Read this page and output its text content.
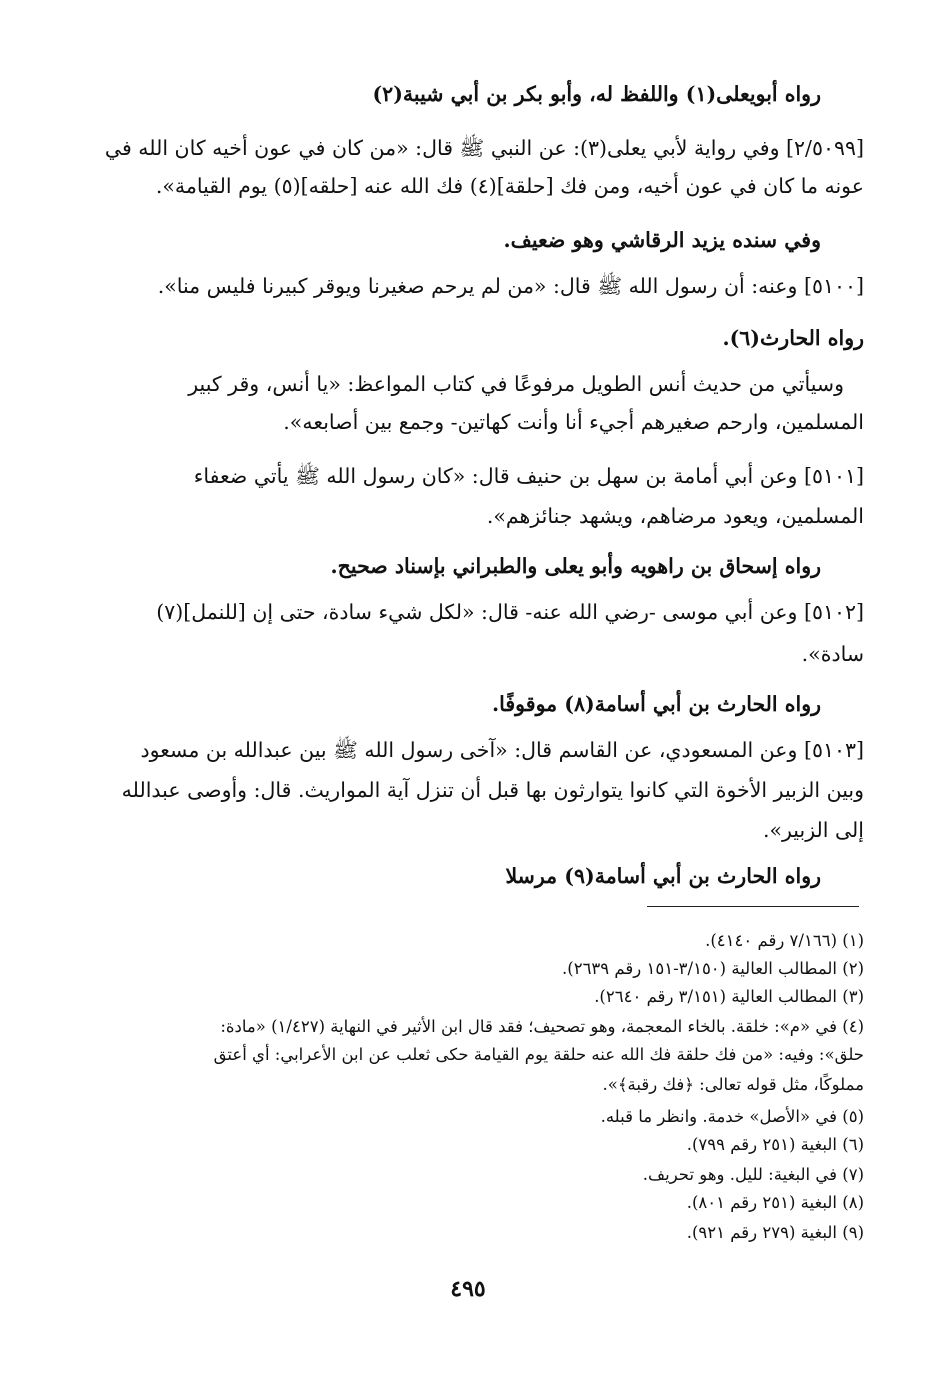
رواه أبويعلى(١) واللفظ له، وأبو بكر بن أبي شيبة(٢)
[٢/٥٠٩٩] وفي رواية لأبي يعلى(٣): عن النبي ﷺ قال: «من كان في عون أخيه كان الله في
عونه ما كان في عون أخيه، ومن فك [حلقة](٤) فك الله عنه [حلقه](٥) يوم القيامة».
وفي سنده يزيد الرقاشي وهو ضعيف.
[٥١٠٠] وعنه: أن رسول الله ﷺ قال: «من لم يرحم صغيرنا ويوقر كبيرنا فليس منا».
رواه الحارث(٦).
وسيأتي من حديث أنس الطويل مرفوعًا في كتاب المواعظ: «يا أنس، وقر كبير
المسلمين، وارحم صغيرهم أجيء أنا وأنت كهاتين- وجمع بين أصابعه».
[٥١٠١] وعن أبي أمامة بن سهل بن حنيف قال: «كان رسول الله ﷺ يأتي ضعفاء
المسلمين، ويعود مرضاهم، ويشهد جنائزهم».
رواه إسحاق بن راهويه وأبو يعلى والطبراني بإسناد صحيح.
[٥١٠٢] وعن أبي موسى -رضي الله عنه- قال: «لكل شيء سادة، حتى إن [للنمل](٧)
سادة».
رواه الحارث بن أبي أسامة(٨) موقوفًا.
[٥١٠٣] وعن المسعودي، عن القاسم قال: «آخى رسول الله ﷺ بين عبدالله بن مسعود
وبين الزبير الأخوة التي كانوا يتوارثون بها قبل أن تنزل آية المواريث. قال: وأوصى عبدالله
إلى الزبير».
رواه الحارث بن أبي أسامة(٩) مرسلا
(١) (٧/١٦٦ رقم ٤١٤٠).
(٢) المطالب العالية (٣/١٥٠-١٥١ رقم ٢٦٣٩).
(٣) المطالب العالية (٣/١٥١ رقم ٢٦٤٠).
(٤) في «م»: خلقة. بالخاء المعجمة، وهو تصحيف؛ فقد قال ابن الأثير في النهاية (١/٤٢٧) «مادة:
حلق»: وفيه: «من فك حلقة فك الله عنه حلقة يوم القيامة حكى ثعلب عن ابن الأعرابي: أي أعتق
مملوكًا، مثل قوله تعالى: ﴿فك رقبة﴾».
(٥) في «الأصل» خدمة. وانظر ما قبله.
(٦) البغية (٢٥١ رقم ٧٩٩).
(٧) في البغية: لليل. وهو تحريف.
(٨) البغية (٢٥١ رقم ٨٠١).
(٩) البغية (٢٧٩ رقم ٩٢١).
٤٩٥
